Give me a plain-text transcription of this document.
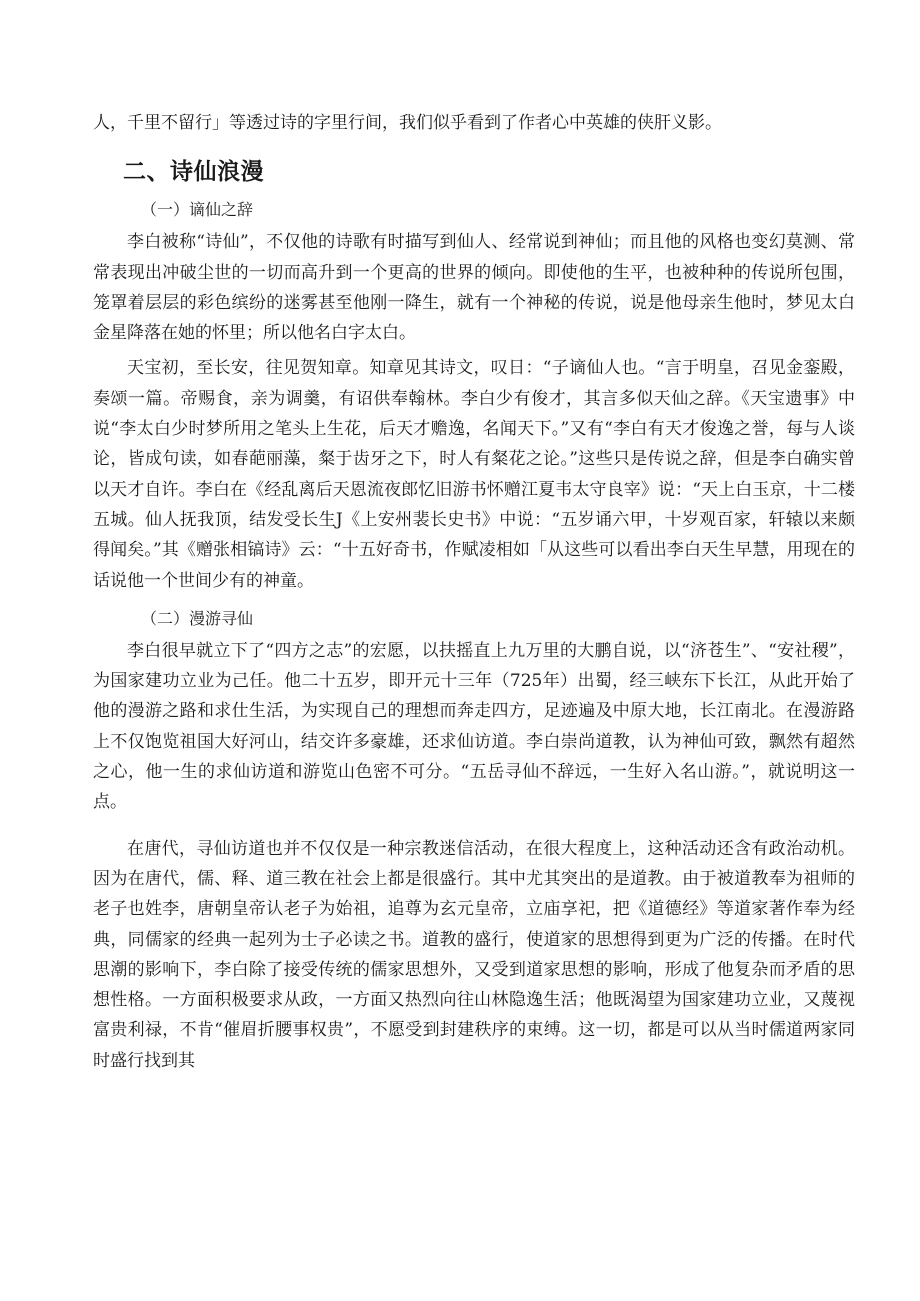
人，千里不留行」等透过诗的字里行间，我们似乎看到了作者心中英雄的侠肝义影。

二、诗仙浪漫
（一）谪仙之辞

李白被称“诗仙”，不仅他的诗歌有时描写到仙人、经常说到神仙；而且他的风格也变幻莫测、常常表现出冲破尘世的一切而高升到一个更高的世界的倾向。即使他的生平，也被种种的传说所包围，笼罩着层层的彩色缤纷的迷雾甚至他刚一降生，就有一个神秘的传说，说是他母亲生他时，梦见太白金星降落在她的怀里；所以他名白字太白。

天宝初，至长安，往见贺知章。知章见其诗文，叹日：“子谪仙人也。“言于明皇，召见金銮殿，奏颂一篇。帝赐食，亲为调羹，有诏供奉翰林。李白少有俊才，其言多似天仙之辞。《天宝遗事》中说“李太白少时梦所用之笔头上生花，后天才赡逸，名闻天下。”又有“李白有天才俊逸之誉，每与人谈论，皆成句读，如春葩丽藻，粲于齿牙之下，时人有粲花之论。”这些只是传说之辞，但是李白确实曾以天才自许。李白在《经乱离后天恩流夜郎忆旧游书怀赠江夏韦太守良宰》说：“天上白玉京，十二楼五城。仙人抚我顶，结发受长生J《上安州裴长史书》中说：“五岁诵六甲，十岁观百家，轩辕以来颇得闻矣。”其《赠张相镐诗》云：“十五好奇书，作赋凌相如「从这些可以看出李白天生早慧，用现在的话说他一个世间少有的神童。

（二）漫游寻仙

李白很早就立下了“四方之志”的宏愿，以扶摇直上九万里的大鹏自说，以“济苍生”、“安社稷”，为国家建功立业为己任。他二十五岁，即开元十三年（725年）出蜀，经三峡东下长江，从此开始了他的漫游之路和求仕生活，为实现自己的理想而奔走四方，足迹遍及中原大地，长江南北。在漫游路上不仅饱览祖国大好河山，结交许多豪雄，还求仙访道。李白崇尚道教，认为神仙可致，飘然有超然之心，他一生的求仙访道和游览山色密不可分。“五岳寻仙不辞远，一生好入名山游。”，就说明这一点。

在唐代，寻仙访道也并不仅仅是一种宗教迷信活动，在很大程度上，这种活动还含有政治动机。因为在唐代，儒、释、道三教在社会上都是很盛行。其中尤其突出的是道教。由于被道教奉为祖师的老子也姓李，唐朝皇帝认老子为始祖，追尊为玄元皇帝，立庙享祀，把《道德经》等道家著作奉为经典，同儒家的经典一起列为士子必读之书。道教的盛行，使道家的思想得到更为广泛的传播。在时代思潮的影响下，李白除了接受传统的儒家思想外，又受到道家思想的影响，形成了他复杂而矛盾的思想性格。一方面积极要求从政，一方面又热烈向往山林隐逸生活；他既渴望为国家建功立业，又蔑视富贵利禄，不肯“催眉折腰事权贵”，不愿受到封建秩序的束缚。这一切，都是可以从当时儒道两家同时盛行找到其
